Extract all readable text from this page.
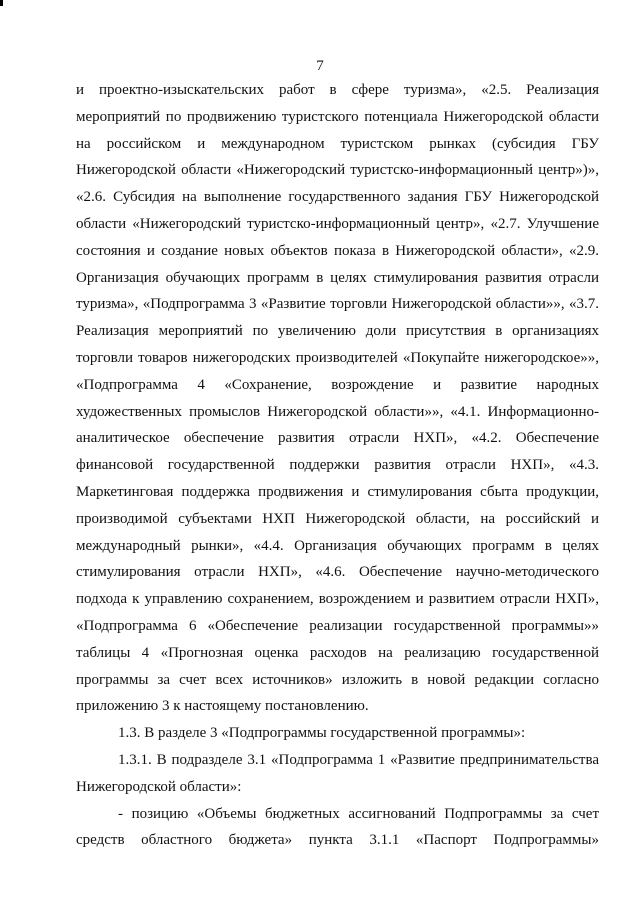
7

и проектно-изыскательских работ в сфере туризма», «2.5. Реализация мероприятий по продвижению туристского потенциала Нижегородской области на российском и международном туристском рынках (субсидия ГБУ Нижегородской области «Нижегородский туристско-информационный центр»)», «2.6. Субсидия на выполнение государственного задания ГБУ Нижегородской области «Нижегородский туристско-информационный центр», «2.7. Улучшение состояния и создание новых объектов показа в Нижегородской области», «2.9. Организация обучающих программ в целях стимулирования развития отрасли туризма», «Подпрограмма 3 «Развитие торговли Нижегородской области»», «3.7. Реализация мероприятий по увеличению доли присутствия в организациях торговли товаров нижегородских производителей «Покупайте нижегородское»», «Подпрограмма 4 «Сохранение, возрождение и развитие народных художественных промыслов Нижегородской области»», «4.1. Информационно-аналитическое обеспечение развития отрасли НХП», «4.2. Обеспечение финансовой государственной поддержки развития отрасли НХП», «4.3. Маркетинговая поддержка продвижения и стимулирования сбыта продукции, производимой субъектами НХП Нижегородской области, на российский и международный рынки», «4.4. Организация обучающих программ в целях стимулирования отрасли НХП», «4.6. Обеспечение научно-методического подхода к управлению сохранением, возрождением и развитием отрасли НХП», «Подпрограмма 6 «Обеспечение реализации государственной программы»» таблицы 4 «Прогнозная оценка расходов на реализацию государственной программы за счет всех источников» изложить в новой редакции согласно приложению 3 к настоящему постановлению.

1.3. В разделе 3 «Подпрограммы государственной программы»:

1.3.1. В подразделе 3.1 «Подпрограмма 1 «Развитие предпринимательства Нижегородской области»:

- позицию «Объемы бюджетных ассигнований Подпрограммы за счет средств областного бюджета» пункта 3.1.1 «Паспорт Подпрограммы»
